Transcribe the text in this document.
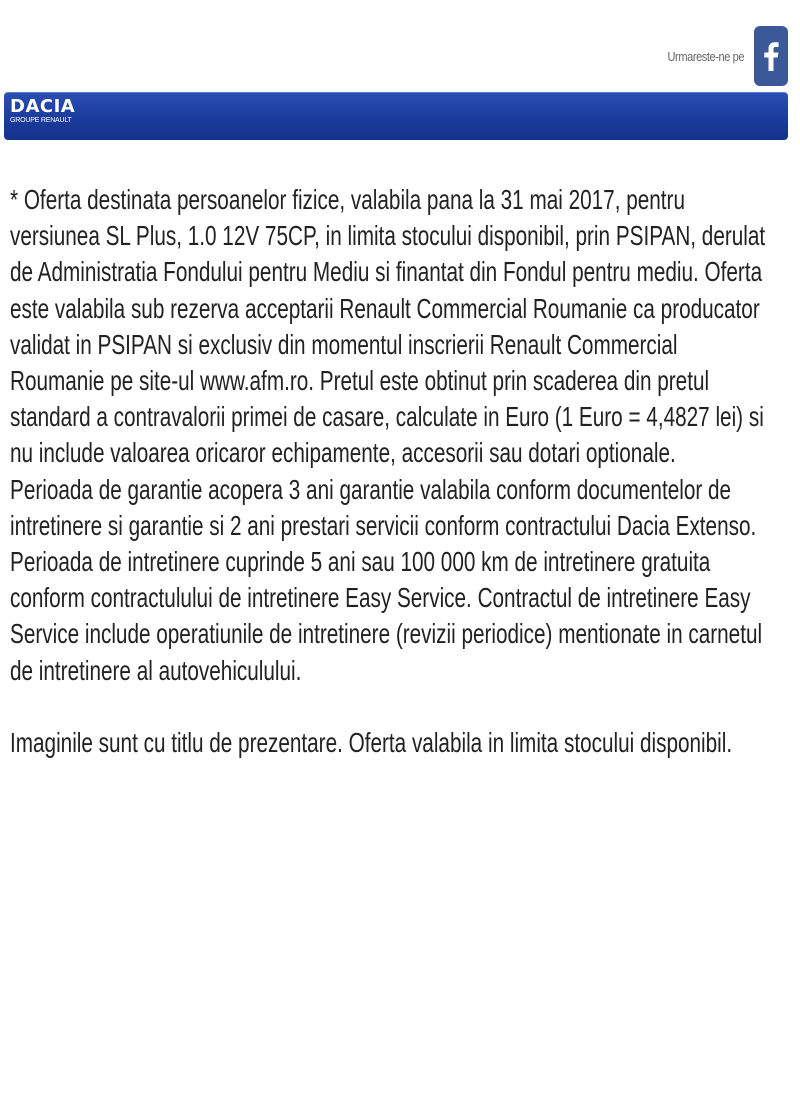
Urmareste-ne pe
DACIA
GROUPE RENAULT

* Oferta destinata persoanelor fizice, valabila pana la 31 mai 2017, pentru versiunea SL Plus, 1.0 12V 75CP, in limita stocului disponibil, prin PSIPAN, derulat de Administratia Fondului pentru Mediu si finantat din Fondul pentru mediu. Oferta este valabila sub rezerva acceptarii Renault Commercial Roumanie ca producator validat in PSIPAN si exclusiv din momentul inscrierii Renault Commercial Roumanie pe site-ul www.afm.ro. Pretul este obtinut prin scaderea din pretul standard a contravalorii primei de casare, calculate in Euro (1 Euro = 4,4827 lei) si nu include valoarea oricaror echipamente, accesorii sau dotari optionale.

Perioada de garantie acopera 3 ani garantie valabila conform documentelor de intretinere si garantie si 2 ani prestari servicii conform contractului Dacia Extenso.

Perioada de intretinere cuprinde 5 ani sau 100 000 km de intretinere gratuita conform contractulului de intretinere Easy Service. Contractul de intretinere Easy Service include operatiunile de intretinere (revizii periodice) mentionate in carnetul de intretinere al autovehiculului.

Imaginile sunt cu titlu de prezentare. Oferta valabila in limita stocului disponibil.
